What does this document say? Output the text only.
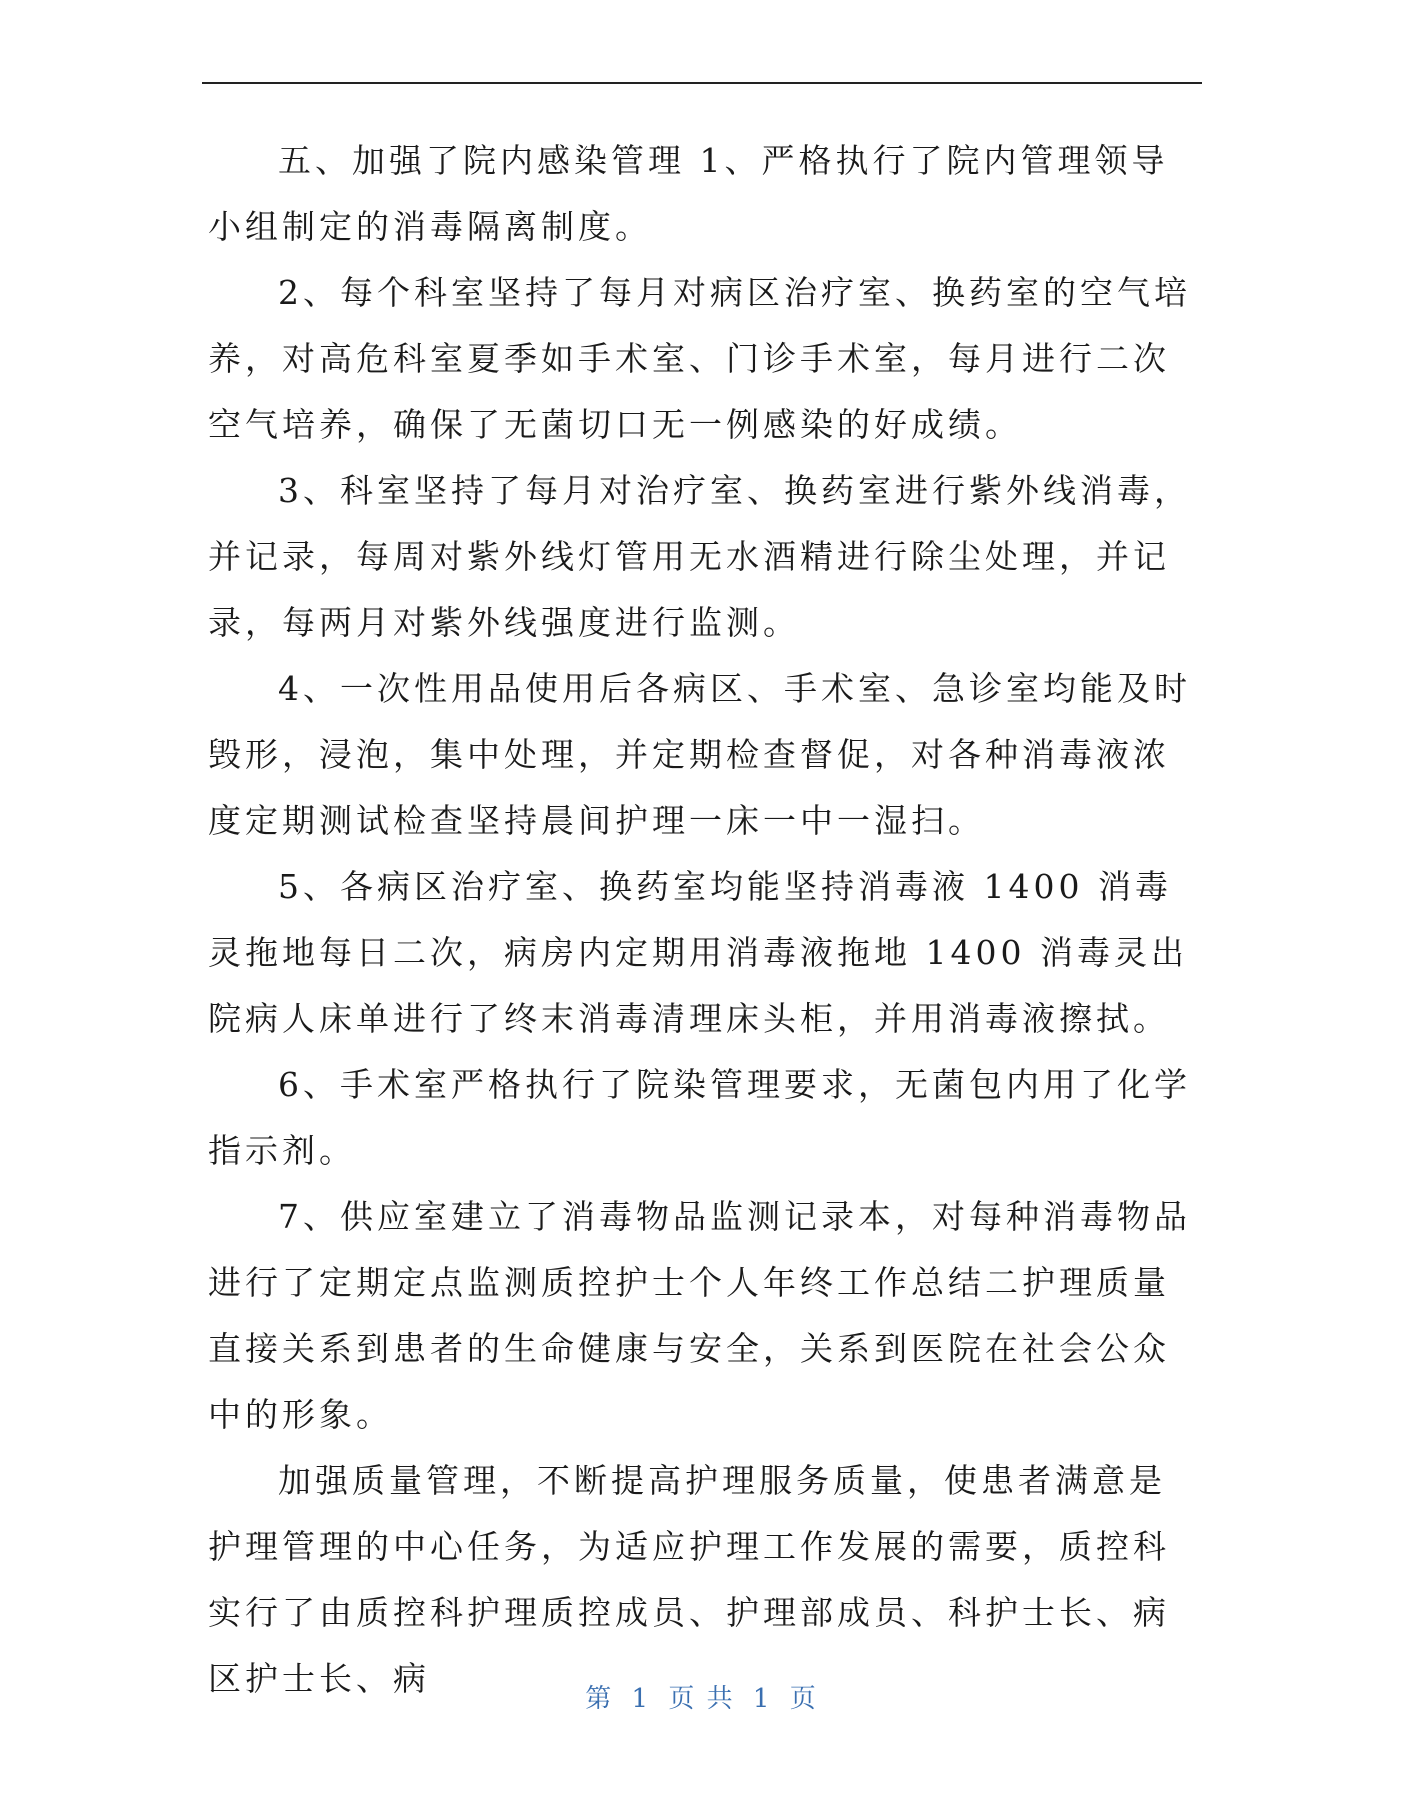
五、加强了院内感染管理 1、严格执行了院内管理领导小组制定的消毒隔离制度。

2、每个科室坚持了每月对病区治疗室、换药室的空气培养，对高危科室夏季如手术室、门诊手术室，每月进行二次空气培养，确保了无菌切口无一例感染的好成绩。

3、科室坚持了每月对治疗室、换药室进行紫外线消毒，并记录，每周对紫外线灯管用无水酒精进行除尘处理，并记录，每两月对紫外线强度进行监测。

4、一次性用品使用后各病区、手术室、急诊室均能及时毁形，浸泡，集中处理，并定期检查督促，对各种消毒液浓度定期测试检查坚持晨间护理一床一中一湿扫。

5、各病区治疗室、换药室均能坚持消毒液 1400 消毒灵拖地每日二次，病房内定期用消毒液拖地 1400 消毒灵出院病人床单进行了终末消毒清理床头柜，并用消毒液擦拭。

6、手术室严格执行了院染管理要求，无菌包内用了化学指示剂。

7、供应室建立了消毒物品监测记录本，对每种消毒物品进行了定期定点监测质控护士个人年终工作总结二护理质量直接关系到患者的生命健康与安全，关系到医院在社会公众中的形象。

加强质量管理，不断提高护理服务质量，使患者满意是护理管理的中心任务，为适应护理工作发展的需要，质控科实行了由质控科护理质控成员、护理部成员、科护士长、病区护士长、病

第 1 页 共 1 页
